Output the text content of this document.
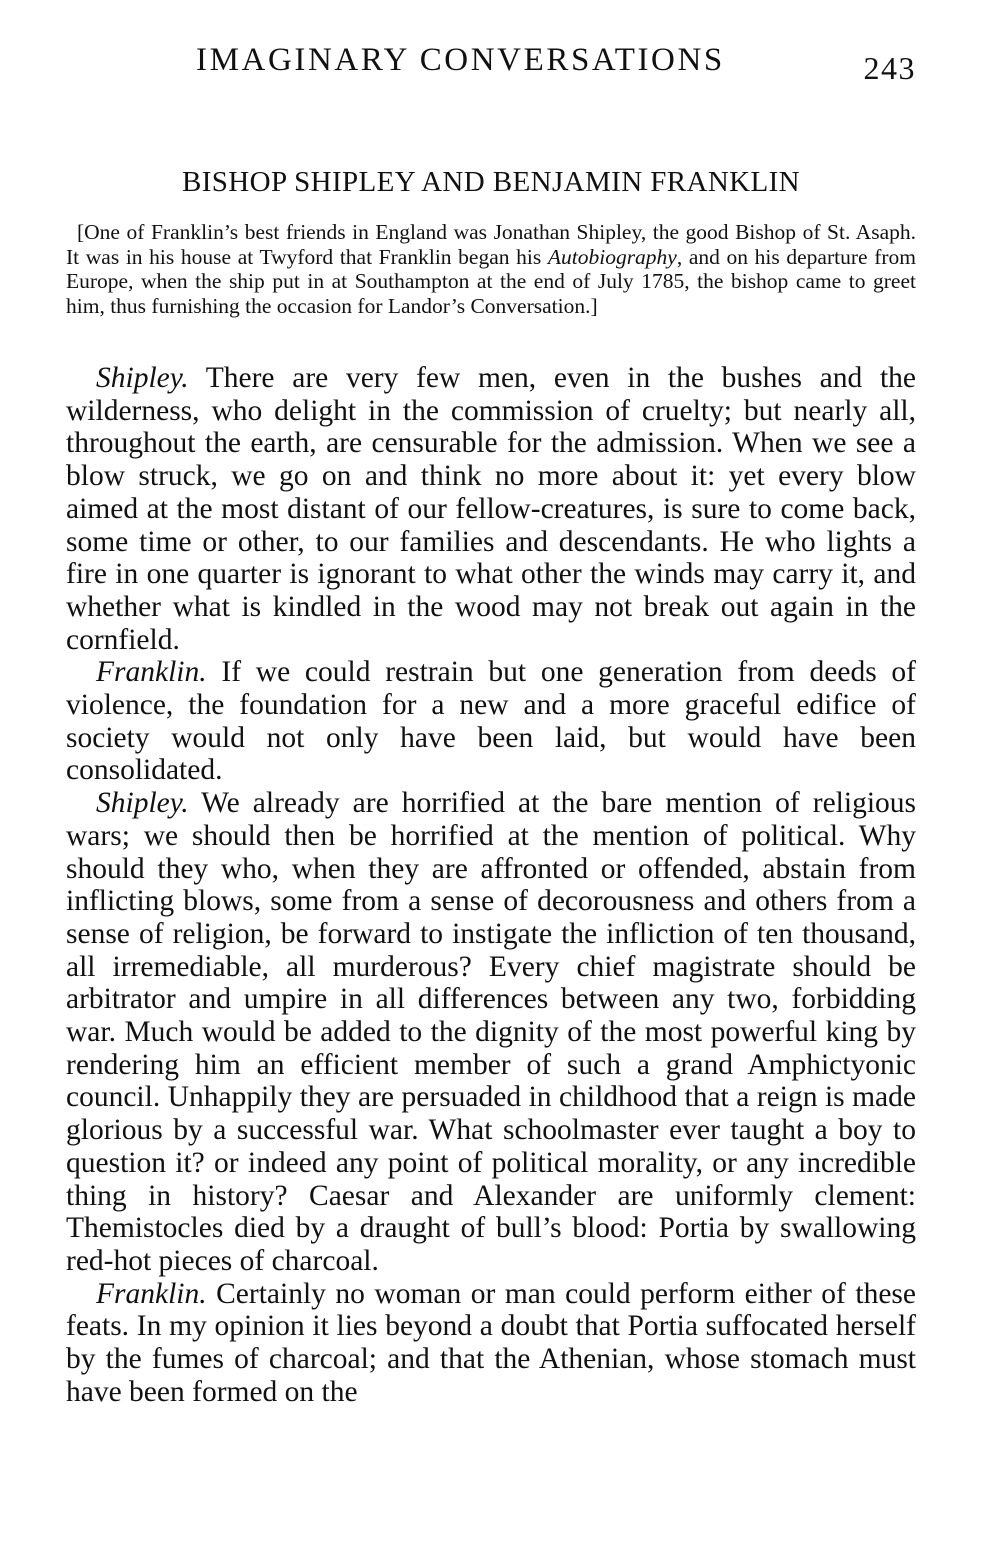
IMAGINARY CONVERSATIONS	243
BISHOP SHIPLEY AND BENJAMIN FRANKLIN

[One of Franklin’s best friends in England was Jonathan Shipley, the good Bishop of St. Asaph. It was in his house at Twyford that Franklin began his Autobiography, and on his departure from Europe, when the ship put in at Southampton at the end of July 1785, the bishop came to greet him, thus furnishing the occasion for Landor’s Conversation.]

Shipley. There are very few men, even in the bushes and the wilderness, who delight in the commission of cruelty; but nearly all, throughout the earth, are censurable for the admission. When we see a blow struck, we go on and think no more about it: yet every blow aimed at the most distant of our fellow-creatures, is sure to come back, some time or other, to our families and descendants. He who lights a fire in one quarter is ignorant to what other the winds may carry it, and whether what is kindled in the wood may not break out again in the cornfield.

Franklin. If we could restrain but one generation from deeds of violence, the foundation for a new and a more graceful edifice of society would not only have been laid, but would have been consolidated.

Shipley. We already are horrified at the bare mention of religious wars; we should then be horrified at the mention of political. Why should they who, when they are affronted or offended, abstain from inflicting blows, some from a sense of decorousness and others from a sense of religion, be forward to instigate the infliction of ten thousand, all irremediable, all murderous? Every chief magistrate should be arbitrator and umpire in all differences between any two, forbidding war. Much would be added to the dignity of the most powerful king by rendering him an efficient member of such a grand Amphictyonic council. Unhappily they are persuaded in childhood that a reign is made glorious by a successful war. What schoolmaster ever taught a boy to question it? or indeed any point of political morality, or any incredible thing in history? Caesar and Alexander are uniformly clement: Themistocles died by a draught of bull’s blood: Portia by swallowing red-hot pieces of charcoal.

Franklin. Certainly no woman or man could perform either of these feats. In my opinion it lies beyond a doubt that Portia suffocated herself by the fumes of charcoal; and that the Athenian, whose stomach must have been formed on the
